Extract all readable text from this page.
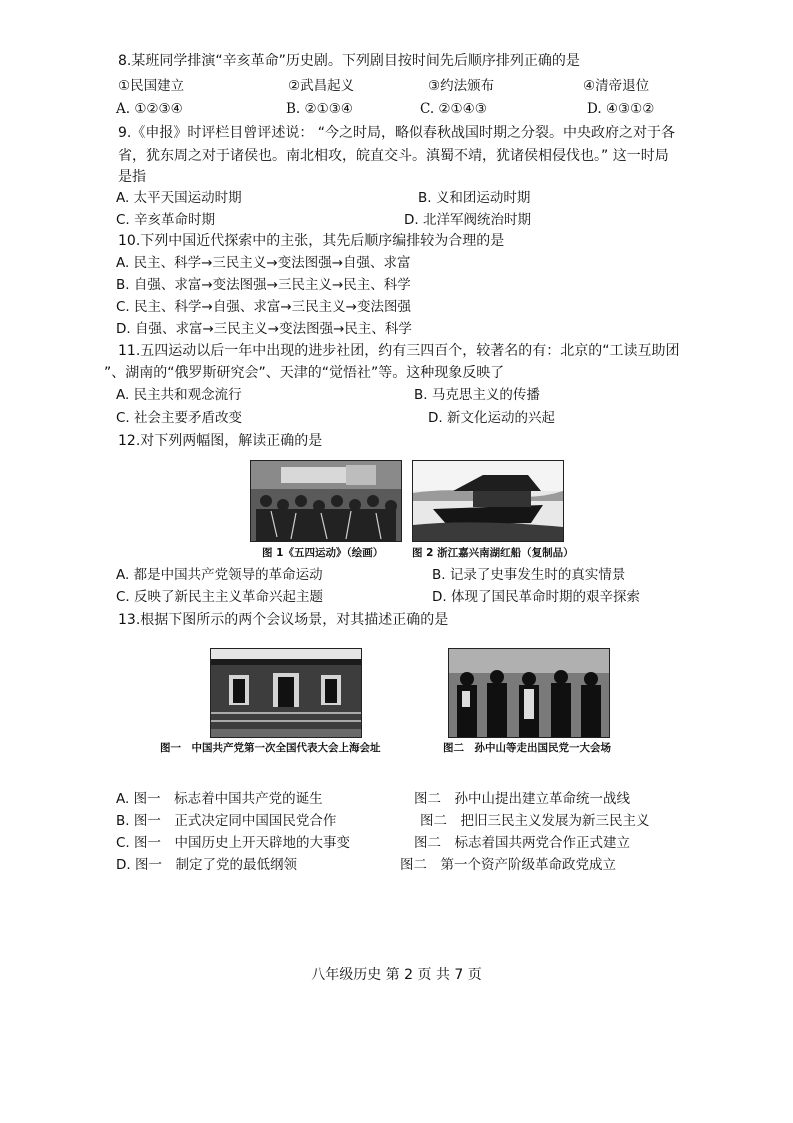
8.某班同学排演“辛亥革命”历史剧。下列剧目按时间先后顺序排列正确的是
①民国建立	②武昌起义	③约法颁布	④清帝退位
A. ①②③④	B. ②①③④	C. ②①④③	D. ④③①②
9.《申报》时评栏目曾评述说： “今之时局，略似春秋战国时期之分裂。中央政府之对于各
省，犹东周之对于诸侯也。南北相攻，皖直交斗。滇蜀不靖，犹诸侯相侵伐也。” 这一时局
是指
A. 太平天国运动时期	B. 义和团运动时期
C. 辛亥革命时期	D. 北洋军阀统治时期
10.下列中国近代探索中的主张，其先后顺序编排较为合理的是
A. 民主、科学→三民主义→变法图强→自强、求富
B. 自强、求富→变法图强→三民主义→民主、科学
C. 民主、科学→自强、求富→三民主义→变法图强
D. 自强、求富→三民主义→变法图强→民主、科学
11.五四运动以后一年中出现的进步社团，约有三四百个，较著名的有：北京的“工读互助团
”、湖南的“俄罗斯研究会”、天津的“觉悟社”等。这种现象反映了
A. 民主共和观念流行	B. 马克思主义的传播
C. 社会主要矛盾改变	D. 新文化运动的兴起
12.对下列两幅图，解读正确的是
图 1《五四运动》（绘画）	图 2 浙江嘉兴南湖红船（复制品）
A. 都是中国共产党领导的革命运动	B. 记录了史事发生时的真实情景
C. 反映了新民主主义革命兴起主题	D. 体现了国民革命时期的艰辛探索
13.根据下图所示的两个会议场景，对其描述正确的是
图一　中国共产党第一次全国代表大会上海会址	图二　孙中山等走出国民党一大会场
A. 图一　标志着中国共产党的诞生	图二　孙中山提出建立革命统一战线
B. 图一　正式决定同中国国民党合作	图二　把旧三民主义发展为新三民主义
C. 图一　中国历史上开天辟地的大事变	图二　标志着国共两党合作正式建立
D. 图一　制定了党的最低纲领	图二　第一个资产阶级革命政党成立
八年级历史 第 2 页 共 7 页
